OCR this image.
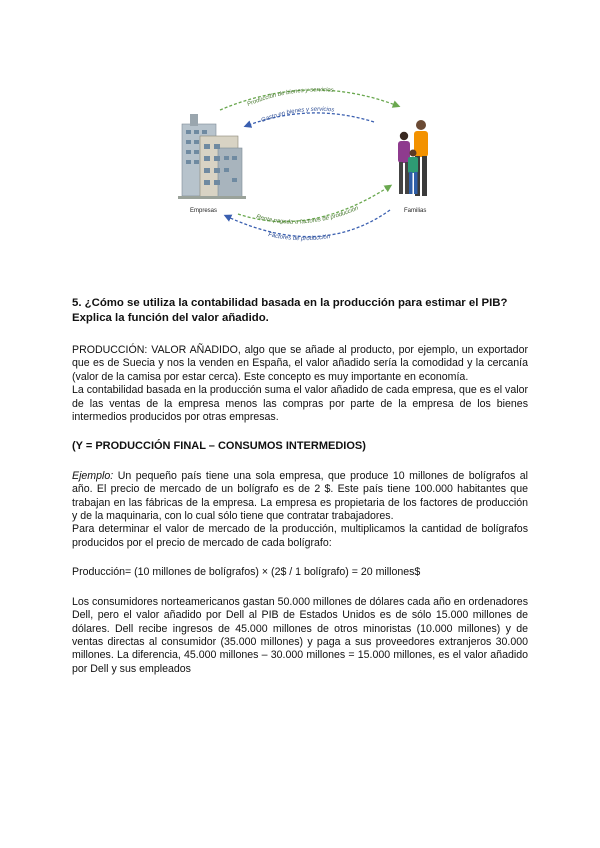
Producción de bienes y servicios
Gasto en bienes y servicios
Renta pagada a factores de producción
Factores de producción
Empresas	Familias
5. ¿Cómo se utiliza la contabilidad basada en la producción para estimar el PIB?
Explica la función del valor añadido.

PRODUCCIÓN: VALOR AÑADIDO, algo que se añade al producto, por ejemplo, un exportador que es de Suecia y nos la venden en España, el valor añadido sería la comodidad y la cercanía (valor de la camisa por estar cerca). Este concepto es muy importante en economía.

La contabilidad basada en la producción suma el valor añadido de cada empresa, que es el valor de las ventas de la empresa menos las compras por parte de la empresa de los bienes intermedios producidos por otras empresas.

(Y = PRODUCCIÓN FINAL – CONSUMOS INTERMEDIOS)

Ejemplo: Un pequeño país tiene una sola empresa, que produce 10 millones de bolígrafos al año. El precio de mercado de un bolígrafo es de 2 $. Este país tiene 100.000 habitantes que trabajan en las fábricas de la empresa. La empresa es propietaria de los factores de producción y de la maquinaria, con lo cual sólo tiene que contratar trabajadores.

Para determinar el valor de mercado de la producción, multiplicamos la cantidad de bolígrafos producidos por el precio de mercado de cada bolígrafo:

Producción= (10 millones de bolígrafos) × (2$ / 1 bolígrafo) = 20 millones$

Los consumidores norteamericanos gastan 50.000 millones de dólares cada año en ordenadores Dell, pero el valor añadido por Dell al PIB de Estados Unidos es de sólo 15.000 millones de dólares. Dell recibe ingresos de 45.000 millones de otros minoristas (10.000 millones) y de ventas directas al consumidor (35.000 millones) y paga a sus proveedores extranjeros 30.000 millones. La diferencia, 45.000 millones – 30.000 millones = 15.000 millones, es el valor añadido por Dell y sus empleados
